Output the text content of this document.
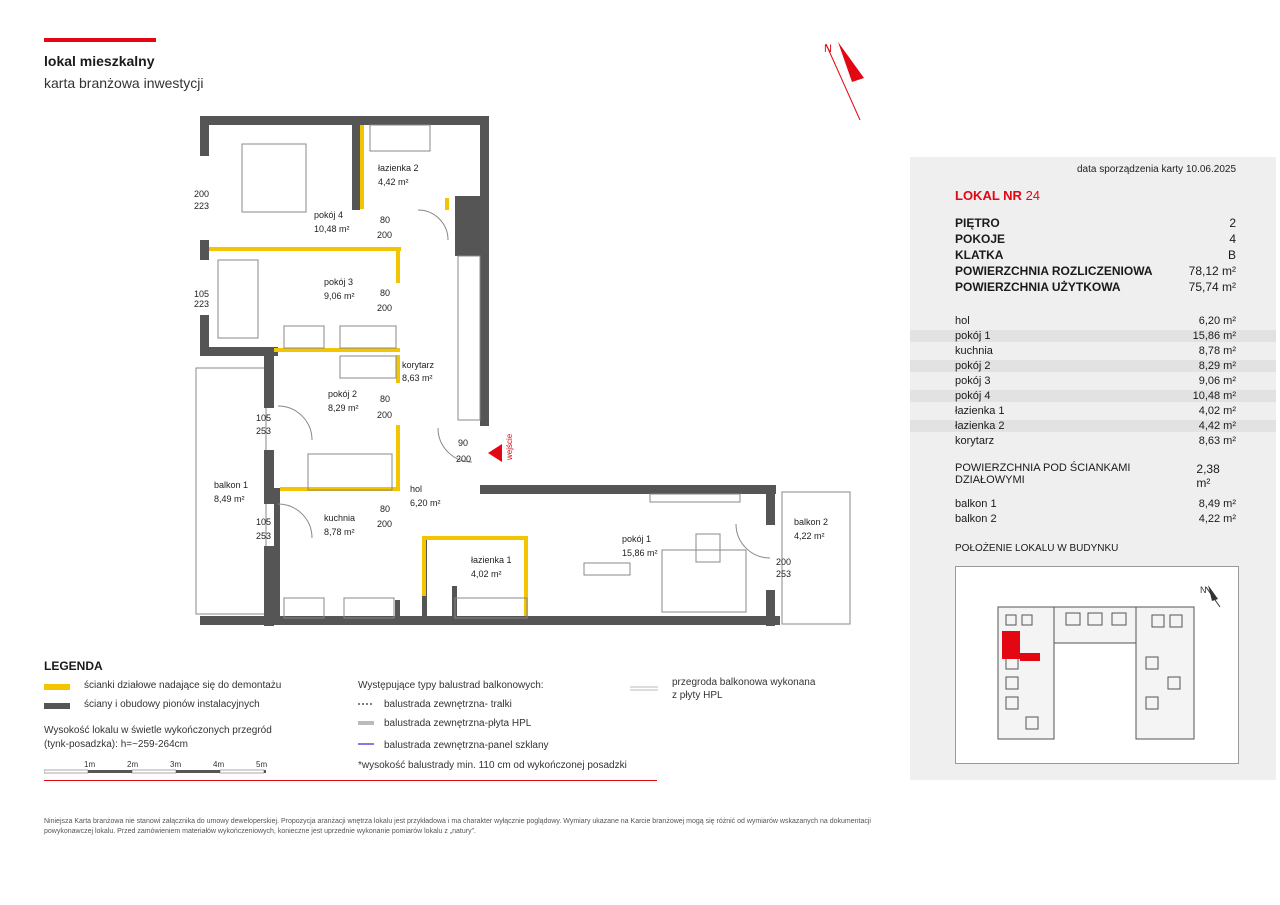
lokal mieszkalny
karta branżowa inwestycji
N
wejście
łazienka 2
4,42 m²
pokój 4
10,48 m²
pokój 3
9,06 m²
korytarz
8,63 m²
pokój 2
8,29 m²
hol
6,20 m²
kuchnia
8,78 m²
łazienka 1
4,02 m²
pokój 1
15,86 m²
balkon 1
8,49 m²
balkon 2
4,22 m²
80
200
80
200
80
200
80
200
90
200
105
253
105
253
105
223
200
223
200
253
LEGENDA
ścianki działowe nadające się do demontażu
ściany i obudowy pionów instalacyjnych
Wysokość lokalu w świetle wykończonych przegród (tynk-posadzka): h=~259-264cm
1m	2m	3m	4m	5m
Występujące typy balustrad balkonowych:
balustrada zewnętrzna- tralki
balustrada zewnętrzna-płyta HPL
balustrada zewnętrzna-panel szklany
*wysokość balustrady min. 110 cm od wykończonej posadzki
przegroda balkonowa wykonana z płyty HPL
data sporządzenia karty 10.06.2025
LOKAL NR 24
PIĘTRO	2
POKOJE	4
KLATKA	B
POWIERZCHNIA ROZLICZENIOWA	78,12 m²
POWIERZCHNIA UŻYTKOWA	75,74 m²
hol	6,20 m²
pokój 1	15,86 m²
kuchnia	8,78 m²
pokój 2	8,29 m²
pokój 3	9,06 m²
pokój 4	10,48 m²
łazienka 1	4,02 m²
łazienka 2	4,42 m²
korytarz	8,63 m²
POWIERZCHNIA POD ŚCIANKAMI DZIAŁOWYMI
2,38 m²
balkon 1	8,49 m²
balkon 2	4,22 m²
POŁOŻENIE LOKALU W BUDYNKU
N
Niniejsza Karta branżowa nie stanowi załącznika do umowy deweloperskiej. Propozycja aranżacji wnętrza lokalu jest przykładowa i ma charakter wyłącznie poglądowy. Wymiary ukazane na Karcie branżowej mogą się różnić od wymiarów wskazanych na dokumentacji powykonawczej lokalu. Przed zamówieniem materiałów wykończeniowych, konieczne jest uprzednie wykonanie pomiarów lokalu z „natury”.
